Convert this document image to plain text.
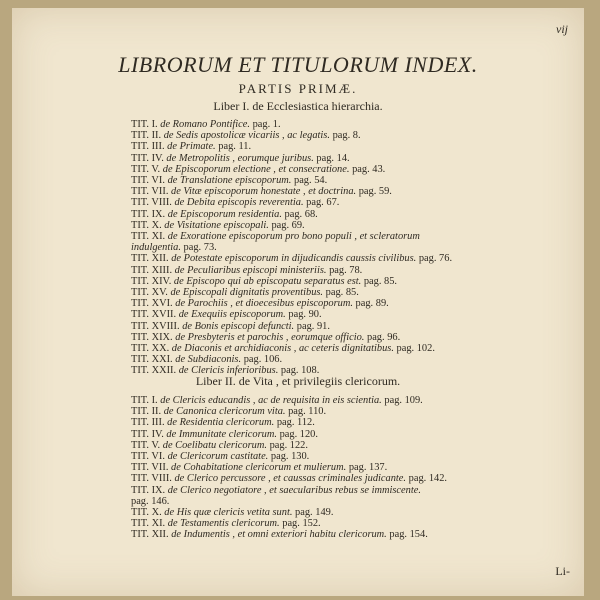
vij
LIBRORUM ET TITULORUM INDEX.
PARTIS PRIMÆ.
Liber I. de Ecclesiastica hierarchia.
TIT. I. de Romano Pontifice. pag. 1.
TIT. II. de Sedis apostolicæ vicariis , ac legatis. pag. 8.
TIT. III. de Primate. pag. 11.
TIT. IV. de Metropolitis , eorumque juribus. pag. 14.
TIT. V. de Episcoporum electione , et consecratione. pag. 43.
TIT. VI. de Translatione episcoporum. pag. 54.
TIT. VII. de Vitæ episcoporum honestate , et doctrina. pag. 59.
TIT. VIII. de Debita episcopis reverentia. pag. 67.
TIT. IX. de Episcoporum residentia. pag. 68.
TIT. X. de Visitatione episcopali. pag. 69.
TIT. XI. de Exoratione episcoporum pro bono populi , et scleratorum indulgentia. pag. 73.
TIT. XII. de Potestate episcoporum in dijudicandis caussis civilibus. pag. 76.
TIT. XIII. de Peculiaribus episcopi ministeriis. pag. 78.
TIT. XIV. de Episcopo qui ab episcopatu separatus est. pag. 85.
TIT. XV. de Episcopali dignitatis proventibus. pag. 85.
TIT. XVI. de Parochiis , et dioecesibus episcoporum. pag. 89.
TIT. XVII. de Exequiis episcoporum. pag. 90.
TIT. XVIII. de Bonis episcopi defuncti. pag. 91.
TIT. XIX. de Presbyteris et parochis , eorumque officio. pag. 96.
TIT. XX. de Diaconis et archidiaconis , ac ceteris dignitatibus. pag. 102.
TIT. XXI. de Subdiaconis. pag. 106.
TIT. XXII. de Clericis inferioribus. pag. 108.
Liber II. de Vita , et privilegiis clericorum.
TIT. I. de Clericis educandis , ac de requisita in eis scientia. pag. 109.
TIT. II. de Canonica clericorum vita. pag. 110.
TIT. III. de Residentia clericorum. pag. 112.
TIT. IV. de Immunitate clericorum. pag. 120.
TIT. V. de Coelibatu clericorum. pag. 122.
TIT. VI. de Clericorum castitate. pag. 130.
TIT. VII. de Cohabitatione clericorum et mulierum. pag. 137.
TIT. VIII. de Clerico percussore , et caussas criminales judicante. pag. 142.
TIT. IX. de Clerico negotiatore , et saecularibus rebus se immiscente. pag. 146.
TIT. X. de His quæ clericis vetita sunt. pag. 149.
TIT. XI. de Testamentis clericorum. pag. 152.
TIT. XII. de Indumentis , et omni exteriori habitu clericorum. pag. 154.
Li-
